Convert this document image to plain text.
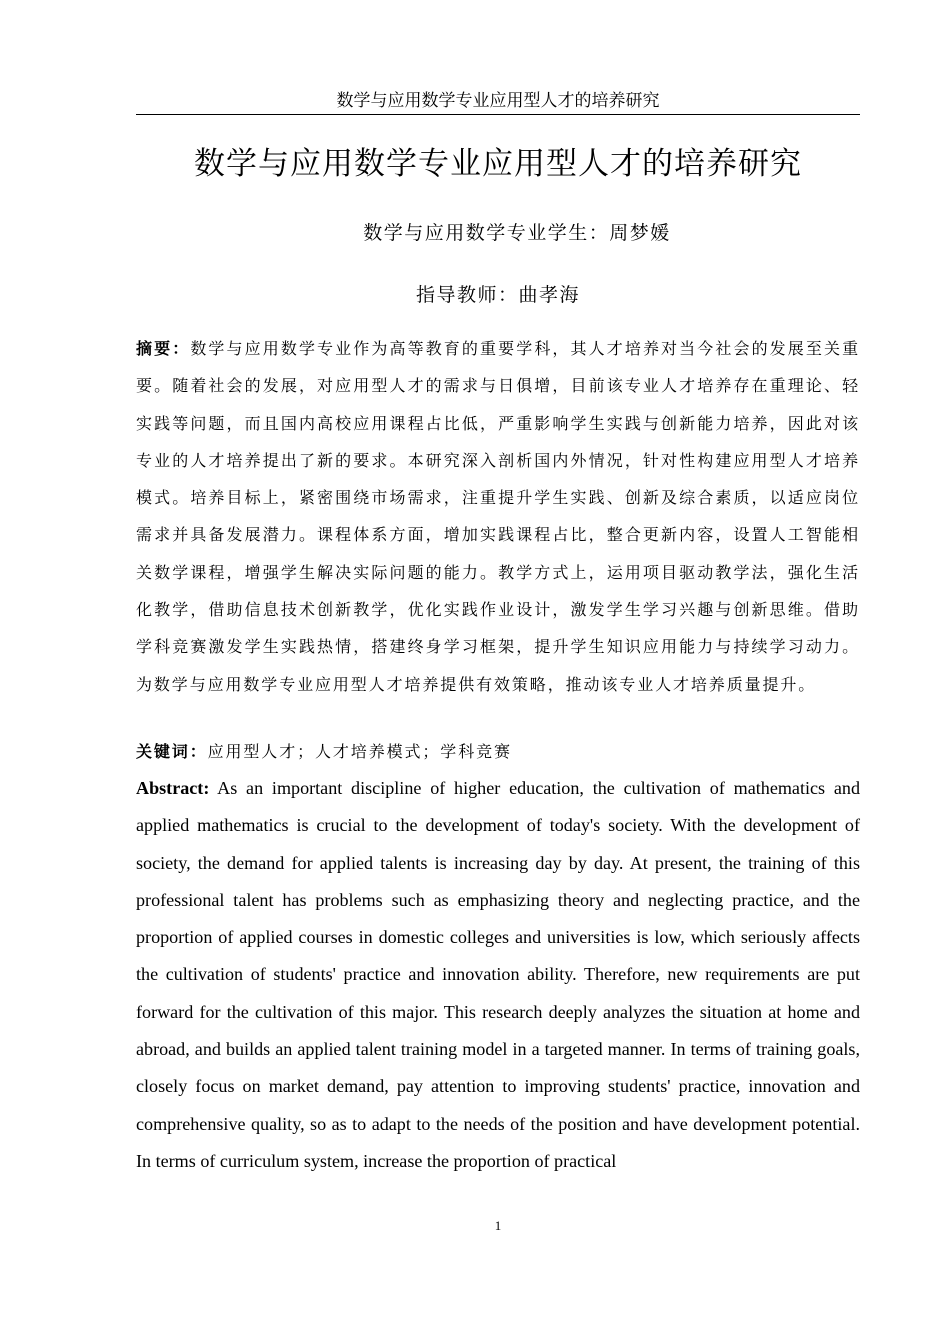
数学与应用数学专业应用型人才的培养研究
数学与应用数学专业应用型人才的培养研究
数学与应用数学专业学生：周梦媛
指导教师：曲孝海

摘要：数学与应用数学专业作为高等教育的重要学科，其人才培养对当今社会的发展至关重要。随着社会的发展，对应用型人才的需求与日俱增，目前该专业人才培养存在重理论、轻实践等问题，而且国内高校应用课程占比低，严重影响学生实践与创新能力培养，因此对该专业的人才培养提出了新的要求。本研究深入剖析国内外情况，针对性构建应用型人才培养模式。培养目标上，紧密围绕市场需求，注重提升学生实践、创新及综合素质，以适应岗位需求并具备发展潜力。课程体系方面，增加实践课程占比，整合更新内容，设置人工智能相关数学课程，增强学生解决实际问题的能力。教学方式上，运用项目驱动教学法，强化生活化教学，借助信息技术创新教学，优化实践作业设计，激发学生学习兴趣与创新思维。借助学科竞赛激发学生实践热情，搭建终身学习框架，提升学生知识应用能力与持续学习动力。为数学与应用数学专业应用型人才培养提供有效策略，推动该专业人才培养质量提升。

关键词：应用型人才；人才培养模式；学科竞赛

Abstract: As an important discipline of higher education, the cultivation of mathematics and applied mathematics is crucial to the development of today's society. With the development of society, the demand for applied talents is increasing day by day. At present, the training of this professional talent has problems such as emphasizing theory and neglecting practice, and the proportion of applied courses in domestic colleges and universities is low, which seriously affects the cultivation of students' practice and innovation ability. Therefore, new requirements are put forward for the cultivation of this major. This research deeply analyzes the situation at home and abroad, and builds an applied talent training model in a targeted manner. In terms of training goals, closely focus on market demand, pay attention to improving students' practice, innovation and comprehensive quality, so as to adapt to the needs of the position and have development potential. In terms of curriculum system, increase the proportion of practical

1
